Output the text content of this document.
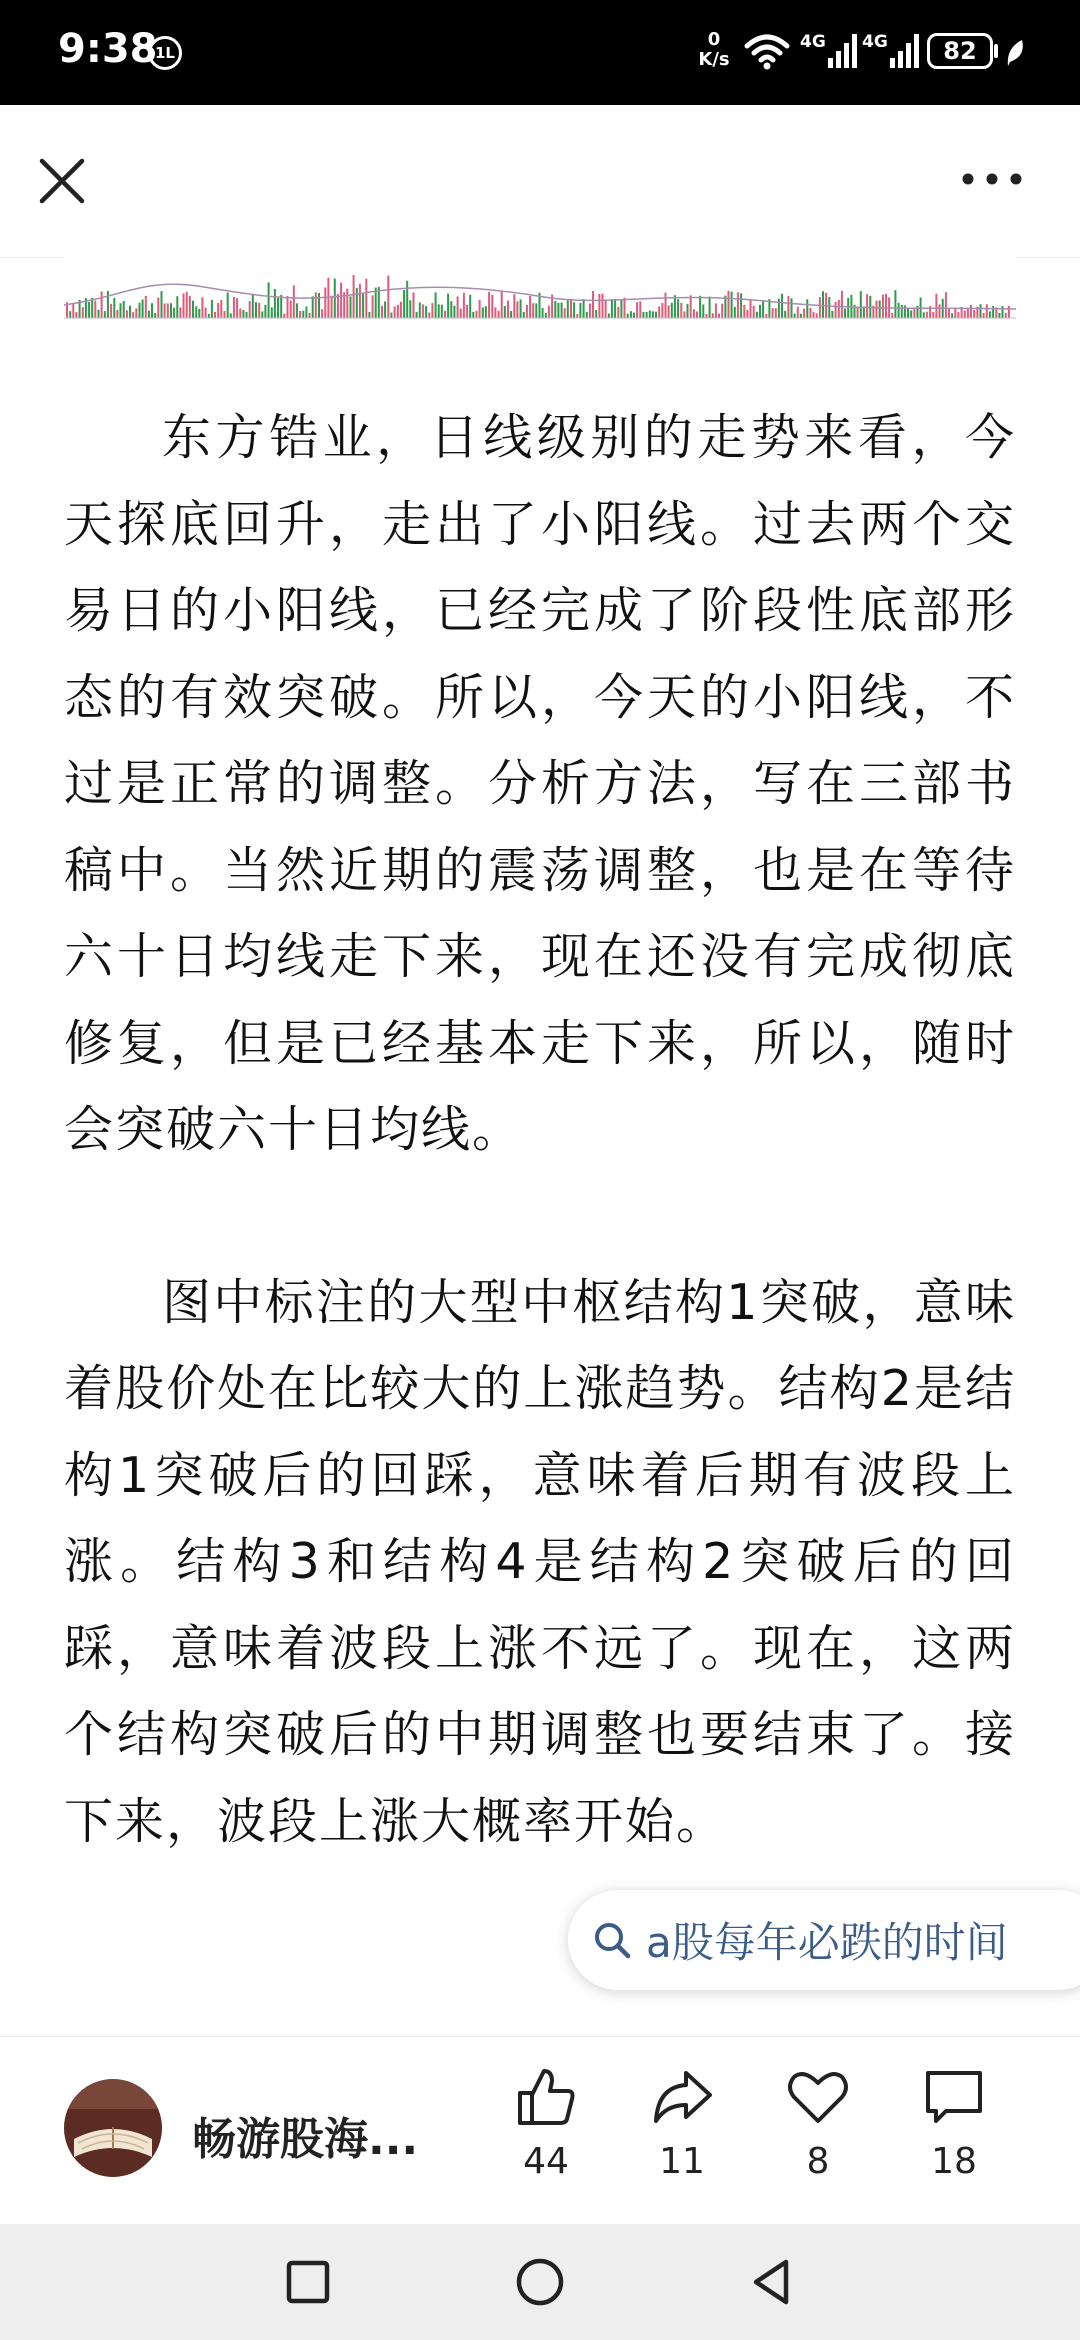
9:38
1L
0
K/s
4G 4G	82

东方锆业，日线级别的走势来看，今天探底回升，走出了小阳线。过去两个交易日的小阳线，已经完成了阶段性底部形态的有效突破。所以，今天的小阳线，不过是正常的调整。分析方法，写在三部书稿中。当然近期的震荡调整，也是在等待六十日均线走下来，现在还没有完成彻底修复，但是已经基本走下来，所以，随时会突破六十日均线。

图中标注的大型中枢结构1突破，意味着股价处在比较大的上涨趋势。结构2是结构1突破后的回踩，意味着后期有波段上涨。结构3和结构4是结构2突破后的回踩，意味着波段上涨不远了。现在，这两个结构突破后的中期调整也要结束了。接下来，波段上涨大概率开始。

a股每年必跌的时间
畅游股海...	44	11	8	18
